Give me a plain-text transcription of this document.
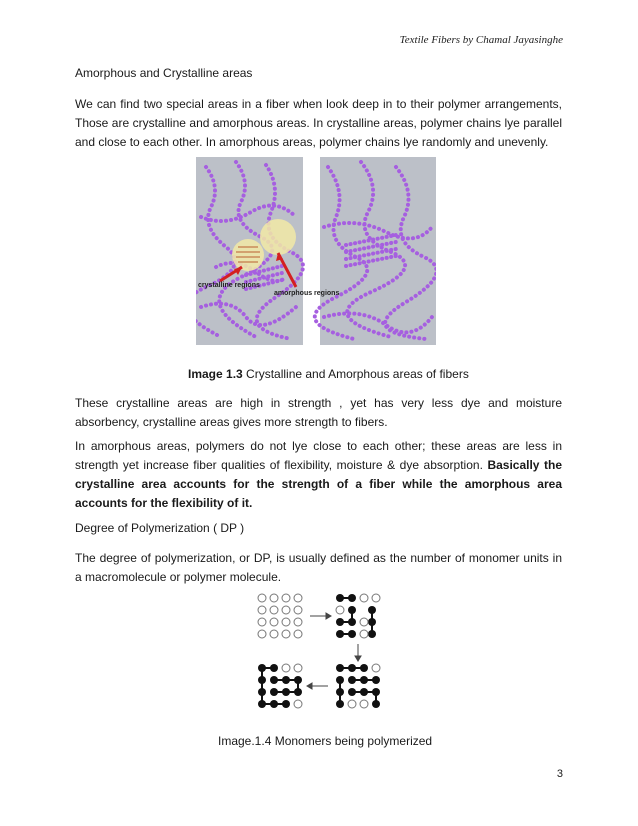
Textile Fibers by Chamal Jayasinghe
Amorphous and Crystalline areas
We can find two special areas in a fiber when look deep in to their polymer arrangements, Those are crystalline and amorphous areas. In crystalline areas, polymer chains lye parallel and close to each other. In amorphous areas, polymer chains lye randomly and unevenly.
crystalline regions
amorphous regions
Image 1.3 Crystalline and Amorphous areas of fibers
These crystalline areas are high in strength , yet has very less dye and moisture absorbency, crystalline areas gives more strength to fibers.
In amorphous areas, polymers do not lye close to each other; these areas are less in strength yet increase fiber qualities of flexibility, moisture & dye absorption. Basically the crystalline area accounts for the strength of a fiber while the amorphous area accounts for the flexibility of it.
Degree of Polymerization ( DP )
The degree of polymerization, or DP, is usually defined as the number of monomer units in a macromolecule or polymer molecule.
Image.1.4 Monomers being polymerized
3
